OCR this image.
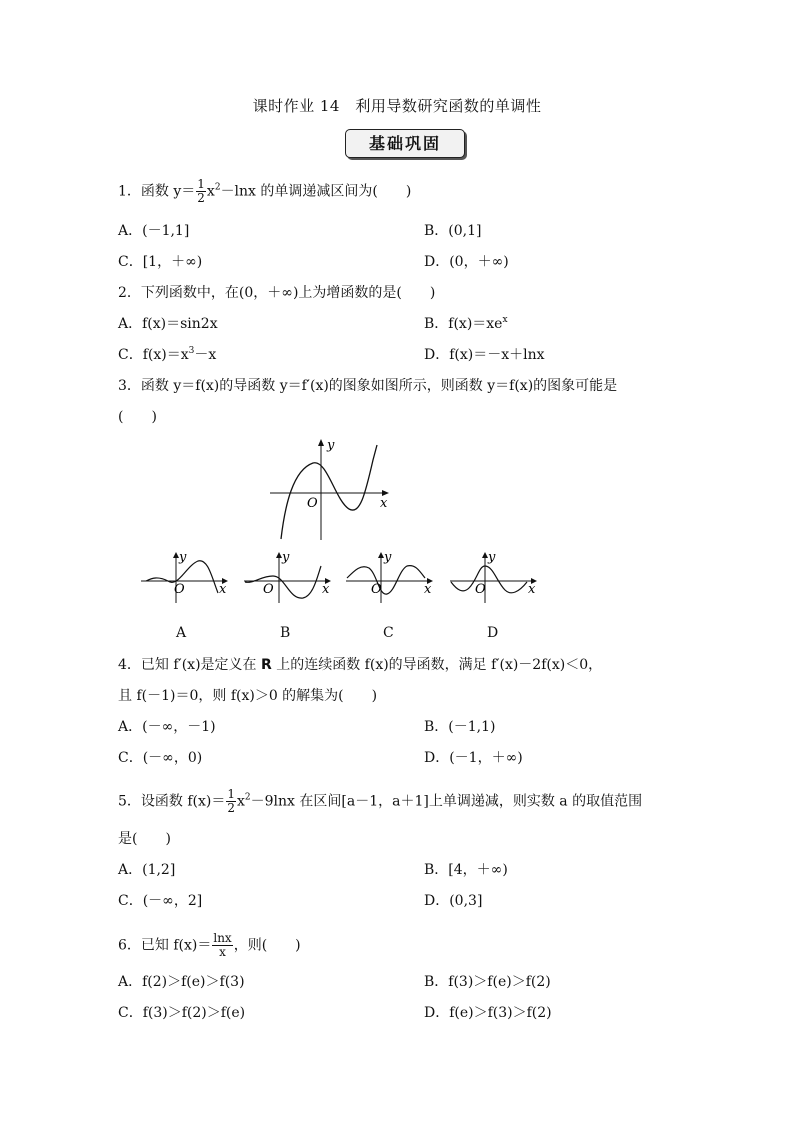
课时作业 14　利用导数研究函数的单调性
基础巩固
1．函数 $y= \frac{1}{2} x^2-\ln x$ 的单调递减区间为(　　)
A．(－1,1]	B．(0,1]
C．[1，＋∞)	D．(0，＋∞)
2．下列函数中，在(0，＋∞)上为增函数的是(　　)
A．f(x)＝sin2x	B．$f(x)=xe^x$
C．$f(x)=x^3-x$	D．f(x)＝－x＋lnx
3．函数 y＝f(x)的导函数 y＝f′(x)的图象如图所示，则函数 y＝f(x)的图象可能是
(　　)
y
x
O
y
x
O
y
x
O
y
x
O
y
x
O
A	B	C	D
4．已知 f′(x)是定义在 R 上的连续函数 f(x)的导函数，满足 f′(x)－2f(x)＜0，
且 f(－1)＝0，则 f(x)＞0 的解集为(　　)
A．(－∞，－1)	B．(－1,1)
C．(－∞，0)	D．(－1，＋∞)
5．设函数 $f(x)= \frac{1}{2} x^2-9\ln x$ 在区间[a－1，a＋1]上单调递减，则实数 a 的取值范围
是(　　)
A．(1,2]	B．[4，＋∞)
C．(－∞，2]	D．(0,3]
6．已知 $f(x)= \frac{\ln x}{x}$ ，则(　　)
A．f(2)＞f(e)＞f(3)	B．f(3)＞f(e)＞f(2)
C．f(3)＞f(2)＞f(e)	D．f(e)＞f(3)＞f(2)
